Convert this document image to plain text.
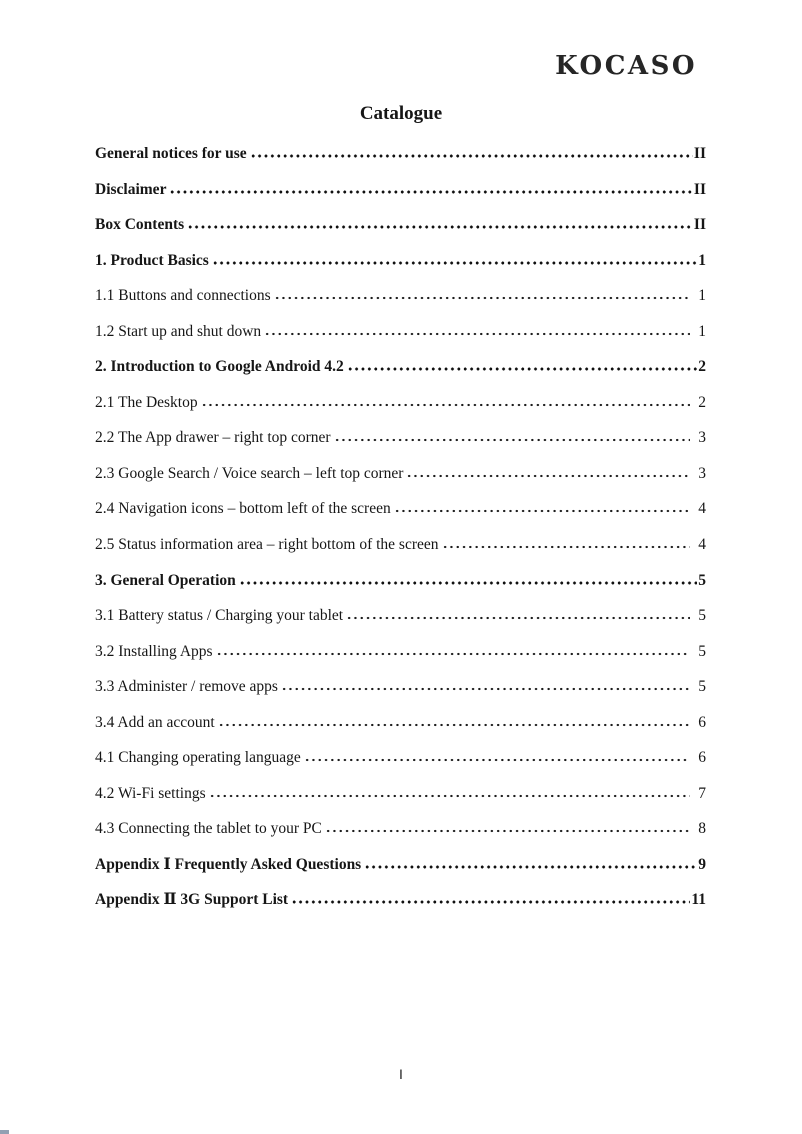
KOCASO
Catalogue
General notices for use	II
Disclaimer	II
Box Contents	II
1. Product Basics	1
1.1 Buttons and connections	1
1.2 Start up and shut down	1
2. Introduction to Google Android 4.2	2
2.1 The Desktop	2
2.2 The App drawer – right top corner	3
2.3 Google Search / Voice search – left top corner	3
2.4 Navigation icons – bottom left of the screen	4
2.5 Status information area – right bottom of the screen	4
3. General Operation	5
3.1 Battery status / Charging your tablet	5
3.2 Installing Apps	5
3.3 Administer / remove apps	5
3.4 Add an account	6
4.1 Changing operating language	6
4.2 Wi-Fi settings	7
4.3 Connecting the tablet to your PC	8
Appendix Ⅰ Frequently Asked Questions	9
Appendix Ⅱ 3G Support List	11
I
